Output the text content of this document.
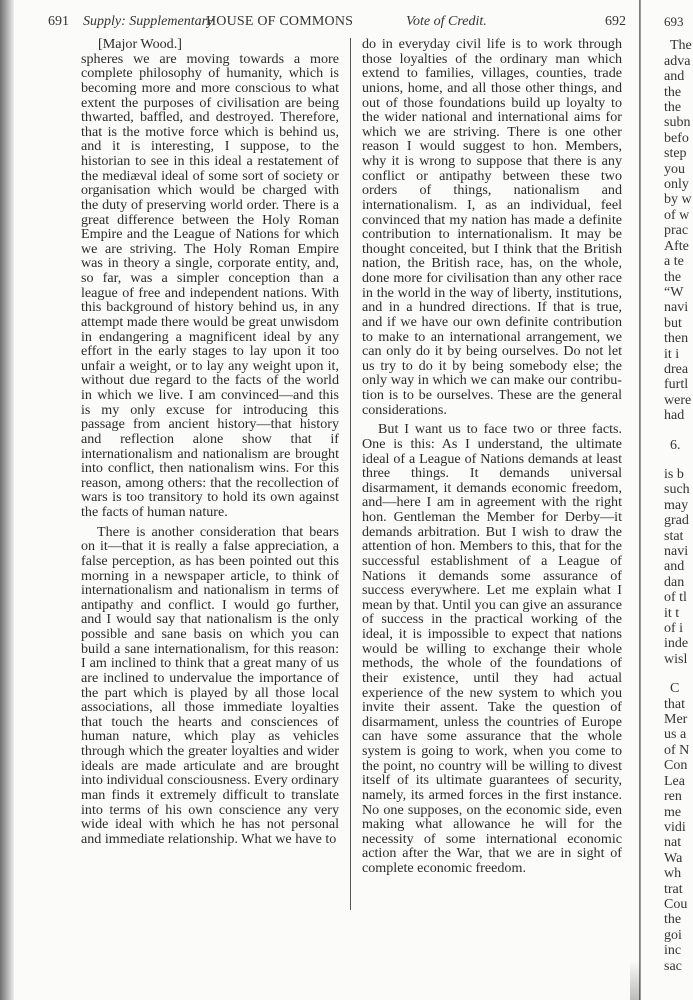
691 Supply: Supplementary
HOUSE OF COMMONS	Vote of Credit.	692
[Major Wood.]

spheres we are moving towards a more complete philosophy of humanity, which is becoming more and more conscious to what extent the purposes of civilisation are being thwarted, baffled, and destroyed. Therefore, that is the motive force which is behind us, and it is interesting, I suppose, to the historian to see in this ideal a restatement of the mediæval ideal of some sort of society or organisation which would be charged with the duty of preserving world order. There is a great difference between the Holy Roman Empire and the League of Nations for which we are striving. The Holy Roman Empire was in theory a single, corporate entity, and, so far, was a simpler conception than a league of free and independent nations. With this background of history behind us, in any attempt made there would be great unwisdom in endangering a magnificent ideal by any effort in the early stages to lay upon it too unfair a weight, or to lay any weight upon it, without due regard to the facts of the world in which we live. I am convinced—and this is my only excuse for introducing this passage from ancient history—that history and reflection alone show that if internationalism and nationalism are brought into conflict, then nationalism wins. For this reason, among others: that the recollection of wars is too transitory to hold its own against the facts of human nature.

There is another consideration that bears on it—that it is really a false appreciation, a false perception, as has been pointed out this morning in a newspaper article, to think of internationalism and nationalism in terms of antipathy and conflict. I would go further, and I would say that nationalism is the only possible and sane basis on which you can build a sane internationalism, for this reason: I am inclined to think that a great many of us are inclined to undervalue the importance of the part which is played by all those local associations, all those immediate loyalties that touch the hearts and consciences of human nature, which play as vehicles through which the greater loyalties and wider ideals are made articulate and are brought into individual consciousness. Every ordinary man finds it extremely difficult to translate into terms of his own conscience any very wide ideal with which he has not personal and immediate relationship. What we have to

do in everyday civil life is to work through those loyalties of the ordinary man which extend to families, villages, counties, trade unions, home, and all those other things, and out of those foundations build up loyalty to the wider national and international aims for which we are striving. There is one other reason I would suggest to hon. Members, why it is wrong to suppose that there is any conflict or antipathy between these two orders of things, nationalism and internationalism. I, as an individual, feel convinced that my nation has made a definite contribution to internationalism. It may be thought conceited, but I think that the British nation, the British race, has, on the whole, done more for civilisation than any other race in the world in the way of liberty, institutions, and in a hundred directions. If that is true, and if we have our own definite contribution to make to an international arrangement, we can only do it by being ourselves. Do not let us try to do it by being somebody else; the only way in which we can make our contribution is to be ourselves. These are the general considerations.

But I want us to face two or three facts. One is this: As I understand, the ultimate ideal of a League of Nations demands at least three things. It demands universal disarmament, it demands economic freedom, and—here I am in agreement with the right hon. Gentleman the Member for Derby—it demands arbitration. But I wish to draw the attention of hon. Members to this, that for the successful establishment of a League of Nations it demands some assurance of success everywhere. Let me explain what I mean by that. Until you can give an assurance of success in the practical working of the ideal, it is impossible to expect that nations would be willing to exchange their whole methods, the whole of the foundations of their existence, until they had actual experience of the new system to which you invite their assent. Take the question of disarmament, unless the countries of Europe can have some assurance that the whole system is going to work, when you come to the point, no country will be willing to divest itself of its ultimate guarantees of security, namely, its armed forces in the first instance. No one supposes, on the economic side, even making what allowance he will for the necessity of some international economic action after the War, that we are in sight of complete economic freedom.

693
The
adva
and
the
the
subn
befo
step
you
only
by w
of w
prac
Afte
a te
the
“W
navi
but
then
it i
drea
furtl
were
had
6.
is b
such
may
grad
stat
navi
and
dan
of tl
it t
of i
inde
wisl
C
that
Mer
us a
of N
Con
Lea
ren
me
vidi
nat
Wa
wh
trat
Cou
the
goi
inc
sac
